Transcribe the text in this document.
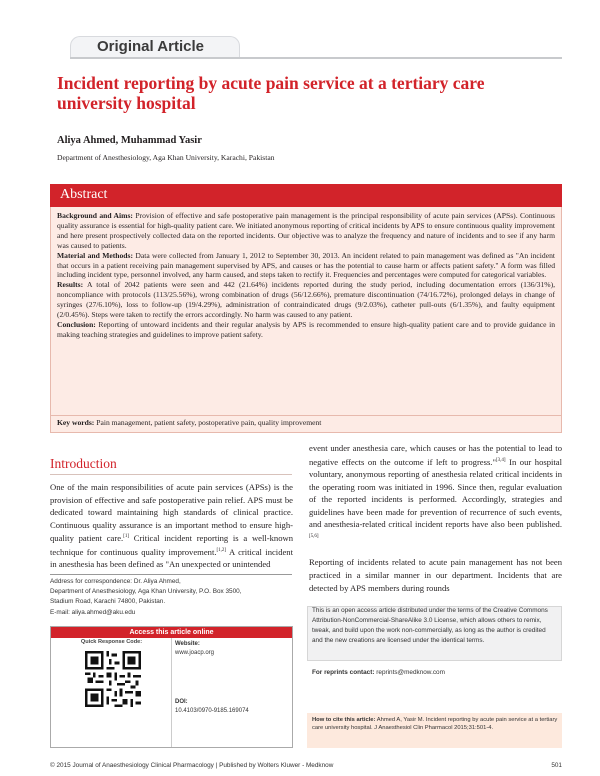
Original Article
Incident reporting by acute pain service at a tertiary care university hospital
Aliya Ahmed, Muhammad Yasir
Department of Anesthesiology, Aga Khan University, Karachi, Pakistan
Abstract

Background and Aims: Provision of effective and safe postoperative pain management is the principal responsibility of acute pain services (APSs). Continuous quality assurance is essential for high-quality patient care. We initiated anonymous reporting of critical incidents by APS to ensure continuous quality improvement and here present prospectively collected data on the reported incidents. Our objective was to analyze the frequency and nature of incidents and to see if any harm was caused to patients.

Material and Methods: Data were collected from January 1, 2012 to September 30, 2013. An incident related to pain management was defined as "An incident that occurs in a patient receiving pain management supervised by APS, and causes or has the potential to cause harm or affects patient safety." A form was filled including incident type, personnel involved, any harm caused, and steps taken to rectify it. Frequencies and percentages were computed for categorical variables.

Results: A total of 2042 patients were seen and 442 (21.64%) incidents reported during the study period, including documentation errors (136/31%), noncompliance with protocols (113/25.56%), wrong combination of drugs (56/12.66%), premature discontinuation (74/16.72%), prolonged delays in change of syringes (27/6.10%), loss to follow-up (19/4.29%), administration of contraindicated drugs (9/2.03%), catheter pull-outs (6/1.35%), and faulty equipment (2/0.45%). Steps were taken to rectify the errors accordingly. No harm was caused to any patient.

Conclusion: Reporting of untoward incidents and their regular analysis by APS is recommended to ensure high-quality patient care and to provide guidance in making teaching strategies and guidelines to improve patient safety.

Key words: Pain management, patient safety, postoperative pain, quality improvement
Introduction
One of the main responsibilities of acute pain services (APSs) is the provision of effective and safe postoperative pain relief. APS must be dedicated toward maintaining high standards of clinical practice. Continuous quality assurance is an important method to ensure high-quality patient care.[1] Critical incident reporting is a well-known technique for continuous quality improvement.[1,2] A critical incident in anesthesia has been defined as "An unexpected or unintended

event under anesthesia care, which causes or has the potential to lead to negative effects on the outcome if left to progress."[3,4] In our hospital voluntary, anonymous reporting of anesthesia related critical incidents in the operating room was initiated in 1996. Since then, regular evaluation of the reported incidents is performed. Accordingly, strategies and guidelines have been made for prevention of recurrence of such events, and anesthesia-related critical incident reports have also been published.[5,6]

Reporting of incidents related to acute pain management has not been practiced in a similar manner in our department. Incidents that are detected by APS members during rounds

Address for correspondence: Dr. Aliya Ahmed,
Department of Anesthesiology, Aga Khan University, P.O. Box 3500,
Stadium Road, Karachi 74800, Pakistan.
E-mail: aliya.ahmed@aku.edu
Access this article online
Quick Response Code:	Website:
www.joacp.org
DOI:
10.4103/0970-9185.169074
This is an open access article distributed under the terms of the Creative Commons Attribution-NonCommercial-ShareAlike 3.0 License, which allows others to remix, tweak, and build upon the work non-commercially, as long as the author is credited and the new creations are licensed under the identical terms.
For reprints contact: reprints@medknow.com
How to cite this article: Ahmed A, Yasir M. Incident reporting by acute pain service at a tertiary care university hospital. J Anaesthesiol Clin Pharmacol 2015;31:501-4.
© 2015 Journal of Anaesthesiology Clinical Pharmacology | Published by Wolters Kluwer - Medknow	501
